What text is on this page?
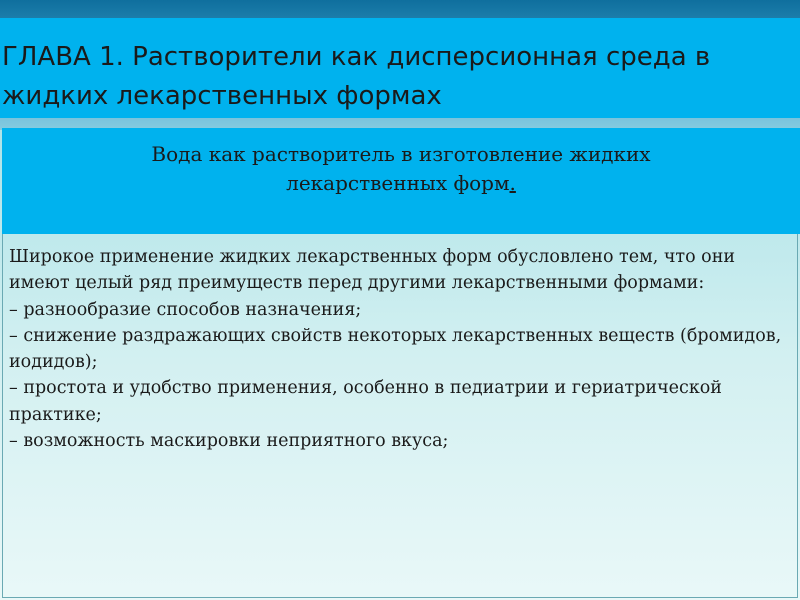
ГЛАВА 1. Растворители как дисперсионная среда в жидких лекарственных формах
Вода как растворитель в изготовление жидких лекарственных форм.

Широкое применение жидких лекарственных форм обусловлено тем, что они имеют целый ряд преимуществ перед другими лекарственными формами:

– разнообразие способов назначения;

– снижение раздражающих свойств некоторых лекарственных веществ (бромидов, иодидов);

– простота и удобство применения, особенно в педиатрии и гериатрической практике;

– возможность маскировки неприятного вкуса;
